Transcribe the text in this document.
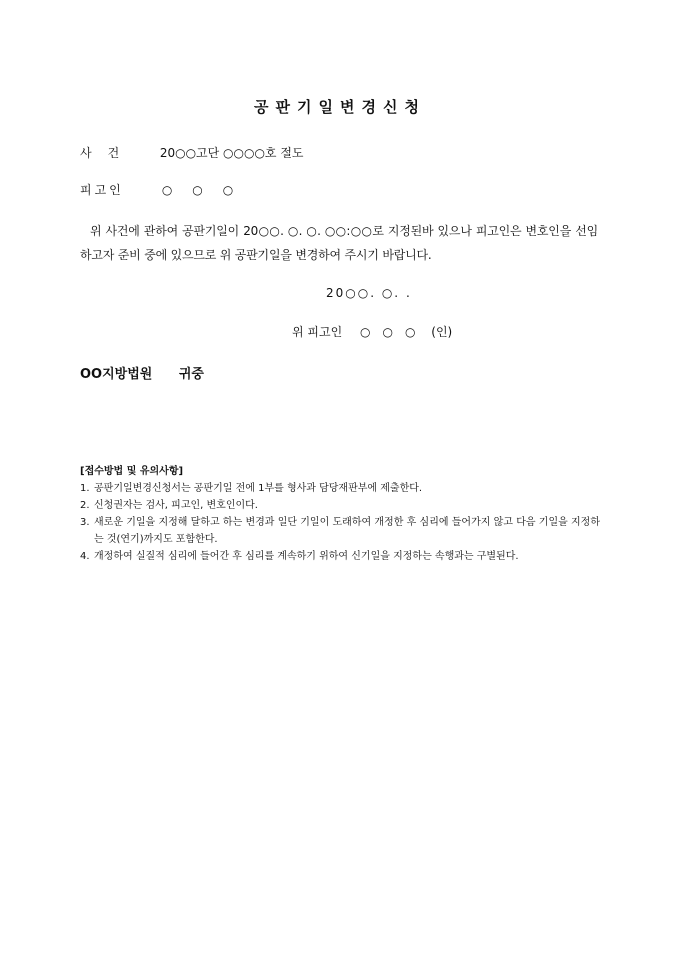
공판기일변경신청
사건 20○○고단 ○○○○호 절도
피고인	○○○
위 사건에 관하여 공판기일이 20○○. ○. ○. ○○:○○로 지정된바 있으나 피고인은 변호인을 선임하고자 준비 중에 있으므로 위 공판기일을 변경하여 주시기 바랍니다.
20○○. ○. .
위 피고인 ○○○ (인)
OO지방법원 귀중
[접수방법 및 유의사항]
1. 공판기일변경신청서는 공판기일 전에 1부를 형사과 담당재판부에 제출한다.
2. 신청권자는 검사, 피고인, 변호인이다.
3. 새로운 기일을 지정해 달하고 하는 변경과 일단 기일이 도래하여 개정한 후 심리에 들어가지 않고 다음 기일을 지정하는 것(연기)까지도 포함한다.
4. 개정하여 실질적 심리에 들어간 후 심리를 계속하기 위하여 신기일을 지정하는 속행과는 구별된다.
